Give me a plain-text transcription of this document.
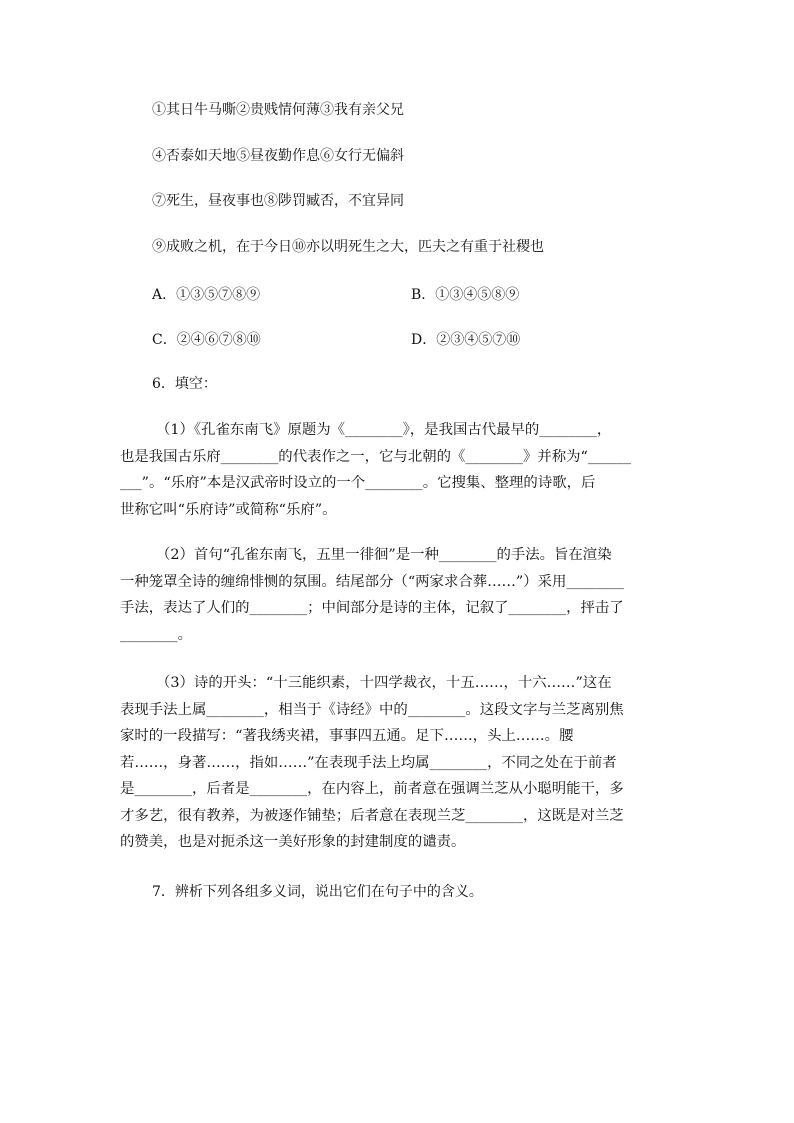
①其日牛马嘶②贵贱情何薄③我有亲父兄
④否泰如天地⑤昼夜勤作息⑥女行无偏斜
⑦死生，昼夜事也⑧陟罚臧否，不宜异同
⑨成败之机，在于今日⑩亦以明死生之大，匹夫之有重于社稷也
A．①③⑤⑦⑧⑨	B．①③④⑤⑧⑨
C．②④⑥⑦⑧⑩	D．②③④⑤⑦⑩
6．填空：

（1）《孔雀东南飞》原题为《________》，是我国古代最早的________，

也是我国古乐府________的代表作之一，它与北朝的《________》并称为“______

___”。“乐府”本是汉武帝时设立的一个________。它搜集、整理的诗歌，后

世称它叫“乐府诗”或简称“乐府”。

（2）首句“孔雀东南飞，五里一徘徊”是一种________的手法。旨在渲染

一种笼罩全诗的缠绵悱恻的氛围。结尾部分（“两家求合葬……”）采用________

手法，表达了人们的________；中间部分是诗的主体，记叙了________，抨击了

________。

（3）诗的开头：“十三能织素，十四学裁衣，十五……，十六……”这在

表现手法上属________，相当于《诗经》中的________。这段文字与兰芝离别焦

家时的一段描写：“著我绣夹裙，事事四五通。足下……，头上……。腰

若……，身著……，指如……”在表现手法上均属________，不同之处在于前者

是________，后者是________，在内容上，前者意在强调兰芝从小聪明能干，多

才多艺，很有教养，为被逐作铺垫；后者意在表现兰芝________，这既是对兰芝

的赞美，也是对扼杀这一美好形象的封建制度的谴责。

7．辨析下列各组多义词，说出它们在句子中的含义。
